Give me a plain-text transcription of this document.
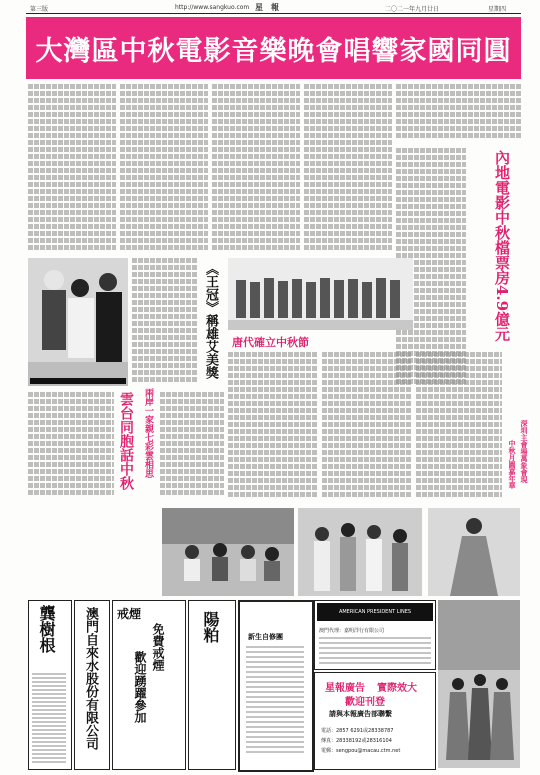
第三版	http://www.sangkuo.com 星　報	二〇二一年九月廿日	星期四
大灣區中秋電影音樂晚會唱響家國同圓
內地電影中秋檔票房4.9億元
深圳主會場萬象會現
中秋月圓嘉年華
《王冠》稱雄艾美獎 唐代確立中秋節
兩岸一家親七彩雲相思
雲台同胞話中秋
龔樹根 澳門自來水股份有限公司 戒煙
免費戒煙
歡迎踴躍參加
陽粕	新生自修團
AMERICAN PRESIDENT LINES
澳門代理：嘉明洋行有限公司
星報廣告 實際效大
歡迎刊登
請與本報廣告部聯繫
電話：2857 6291或28338787
傳真：28338192或28316104
電郵：sengpou@macau.ctm.net
